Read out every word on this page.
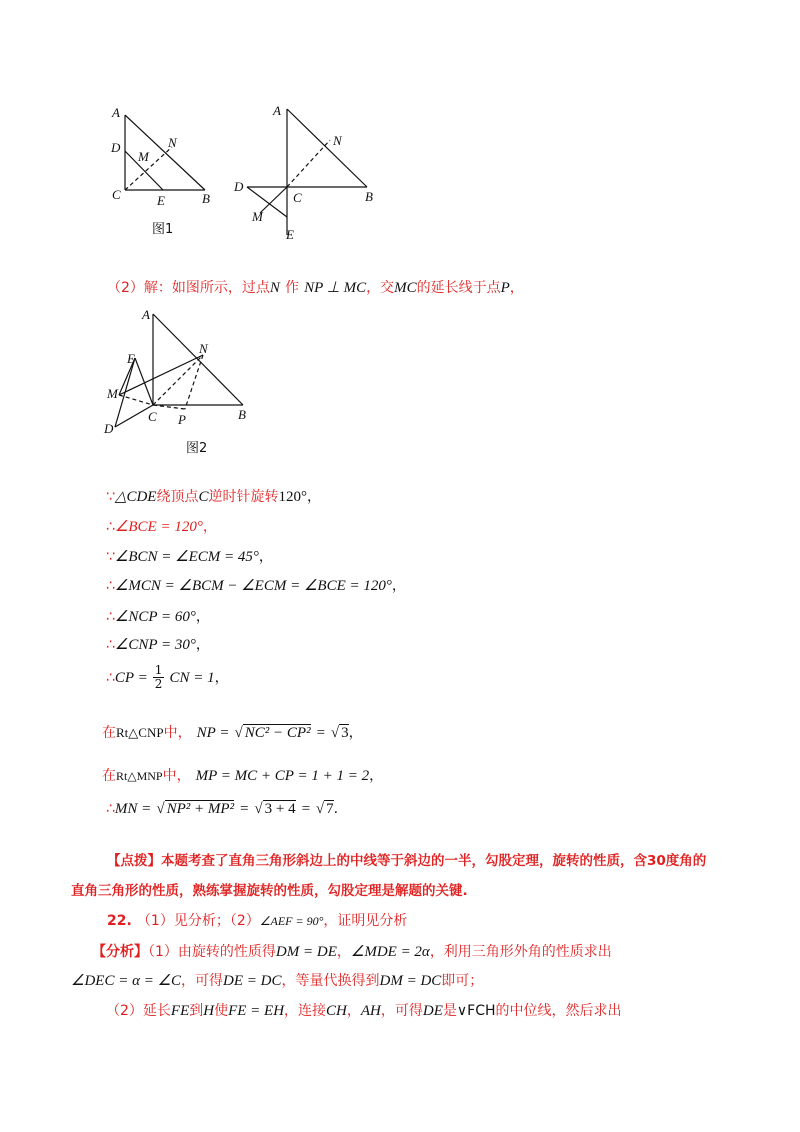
A
N
D
M
C	E	B
图1
A
N
D
C	B
M
E
（2）解：如图所示，过点N 作 NP ⊥ MC，交MC的延长线于点P，
A
E
N
M
C P	B
D
图2
∵△CDE绕顶点C逆时针旋转120°，
∴∠BCE = 120°，
∵∠BCN = ∠ECM = 45°，
∴∠MCN = ∠BCM − ∠ECM = ∠BCE = 120°，
∴∠NCP = 60°，
∴∠CNP = 30°，
∴CP = $\frac{1}{2}$ CN = 1，
在Rt△CNP中， NP = √ NC² − CP² = √ 3，
在Rt△MNP中， MP = MC + CP = 1 + 1 = 2，
∴MN = √ NP² + MP² = √ 3 + 4 = √ 7.
【点拨】本题考查了直角三角形斜边上的中线等于斜边的一半，勾股定理，旋转的性质，含30度角的
直角三角形的性质，熟练掌握旋转的性质，勾股定理是解题的关键.
22. （1）见分析；（2）∠AEF = 90°，证明见分析
【分析】（1）由旋转的性质得DM = DE，∠MDE = 2α，利用三角形外角的性质求出
∠DEC = α = ∠C，可得DE = DC，等量代换得到DM = DC即可；
（2）延长FE到H使FE = EH，连接CH，AH，可得DE是∨FCH的中位线，然后求出
